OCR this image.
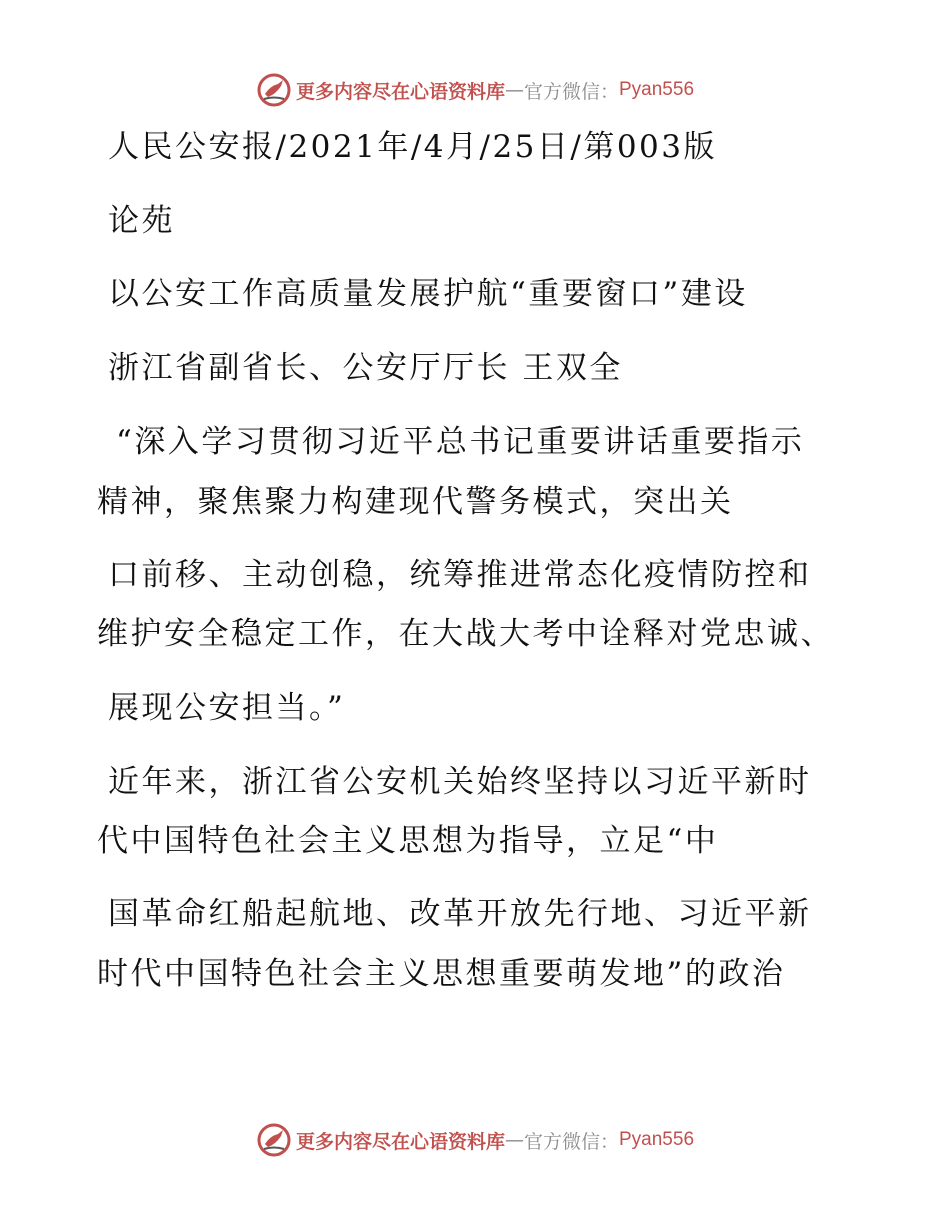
更多内容尽在心语资料库 — 官方微信： Pyan556
人民公安报/2021年/4月/25日/第003版
论苑
以公安工作高质量发展护航“重要窗口”建设
浙江省副省长、公安厅厅长 王双全
“深入学习贯彻习近平总书记重要讲话重要指示
精神，聚焦聚力构建现代警务模式，突出关
口前移、主动创稳，统筹推进常态化疫情防控和
维护安全稳定工作，在大战大考中诠释对党忠诚、
展现公安担当。”
近年来，浙江省公安机关始终坚持以习近平新时
代中国特色社会主义思想为指导，立足“中
国革命红船起航地、改革开放先行地、习近平新
时代中国特色社会主义思想重要萌发地”的政治
更多内容尽在心语资料库 — 官方微信： Pyan556
